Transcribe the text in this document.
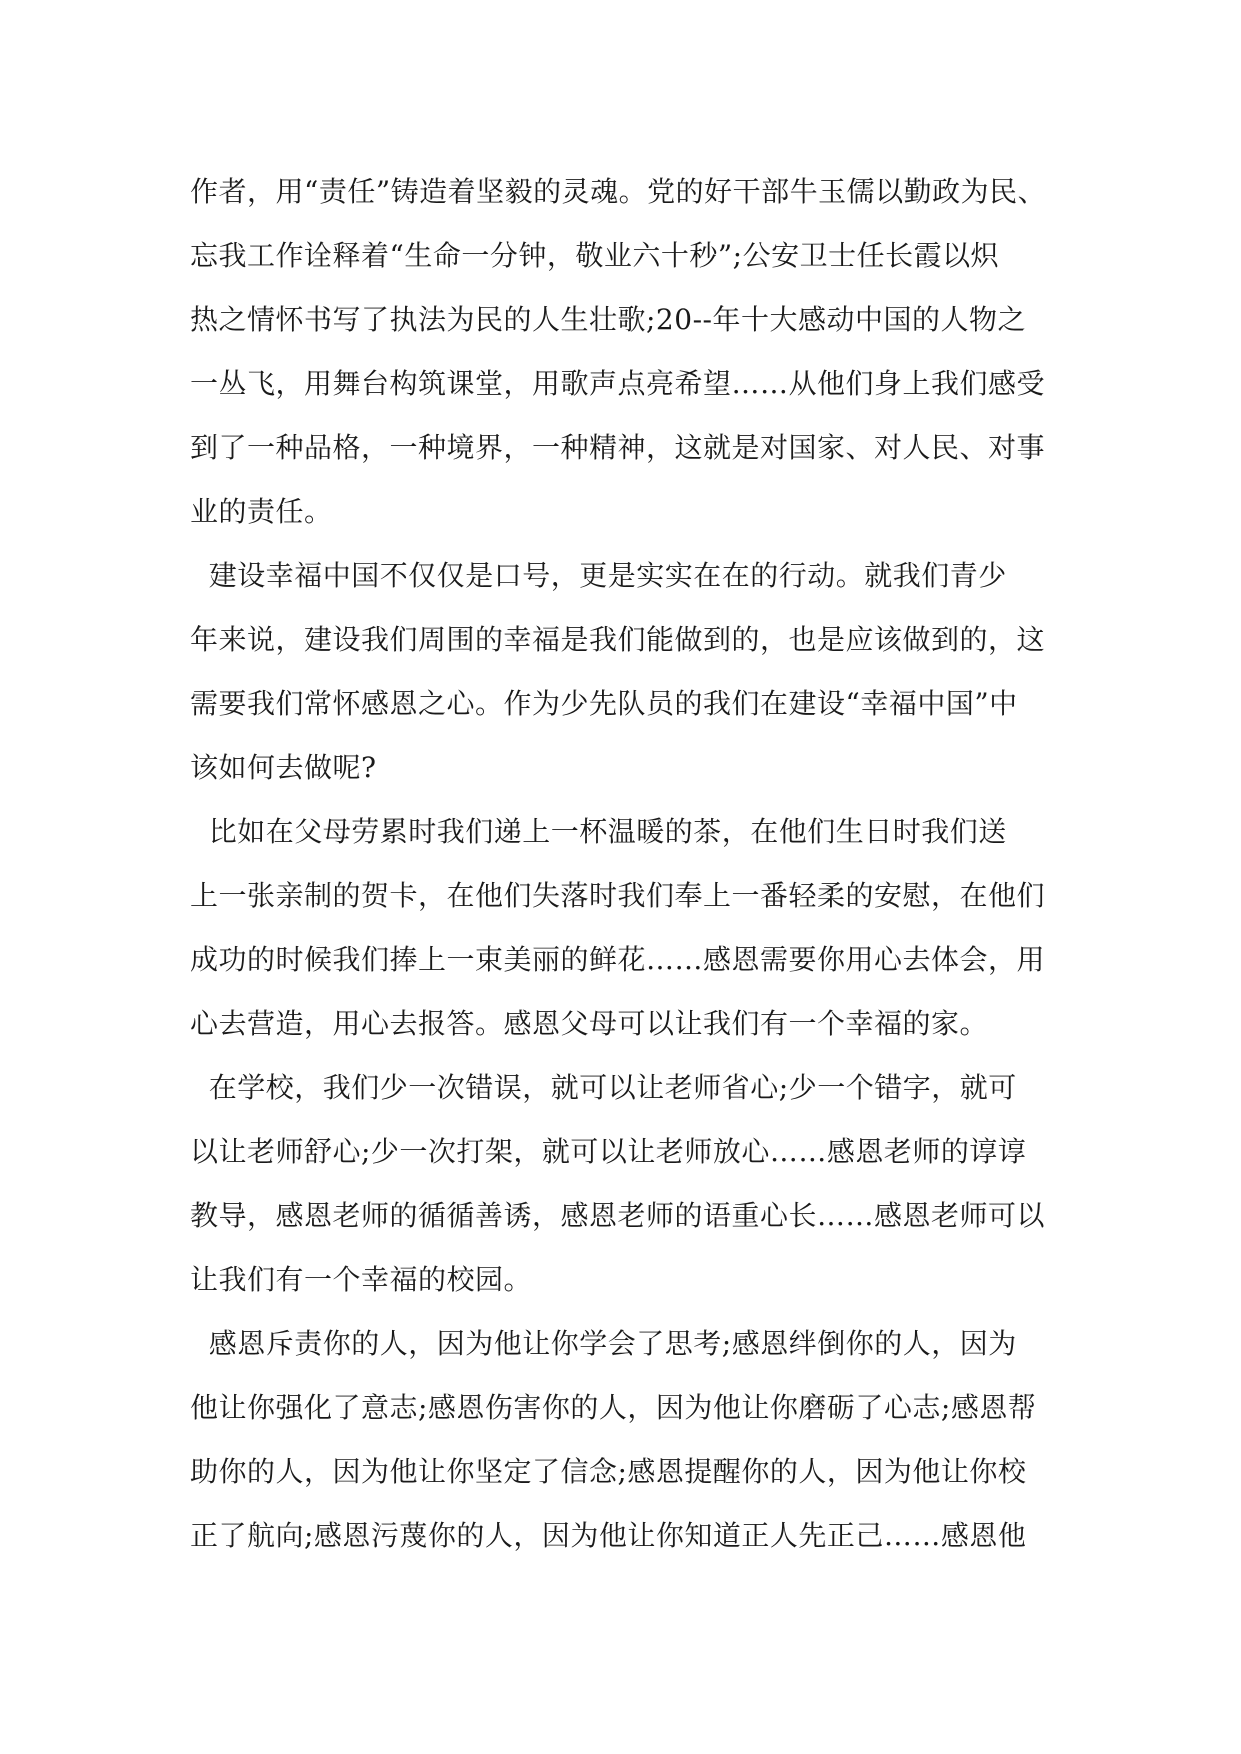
作者，用“责任”铸造着坚毅的灵魂。党的好干部牛玉儒以勤政为民、
忘我工作诠释着“生命一分钟，敬业六十秒”;公安卫士任长霞以炽
热之情怀书写了执法为民的人生壮歌;20--年十大感动中国的人物之
一丛飞，用舞台构筑课堂，用歌声点亮希望……从他们身上我们感受
到了一种品格，一种境界，一种精神，这就是对国家、对人民、对事
业的责任。
建设幸福中国不仅仅是口号，更是实实在在的行动。就我们青少
年来说，建设我们周围的幸福是我们能做到的，也是应该做到的，这
需要我们常怀感恩之心。作为少先队员的我们在建设“幸福中国”中
该如何去做呢?
比如在父母劳累时我们递上一杯温暖的茶，在他们生日时我们送
上一张亲制的贺卡，在他们失落时我们奉上一番轻柔的安慰，在他们
成功的时候我们捧上一束美丽的鲜花……感恩需要你用心去体会，用
心去营造，用心去报答。感恩父母可以让我们有一个幸福的家。
在学校，我们少一次错误，就可以让老师省心;少一个错字，就可
以让老师舒心;少一次打架，就可以让老师放心……感恩老师的谆谆
教导，感恩老师的循循善诱，感恩老师的语重心长……感恩老师可以
让我们有一个幸福的校园。
感恩斥责你的人，因为他让你学会了思考;感恩绊倒你的人，因为
他让你强化了意志;感恩伤害你的人，因为他让你磨砺了心志;感恩帮
助你的人，因为他让你坚定了信念;感恩提醒你的人，因为他让你校
正了航向;感恩污蔑你的人，因为他让你知道正人先正己……感恩他
